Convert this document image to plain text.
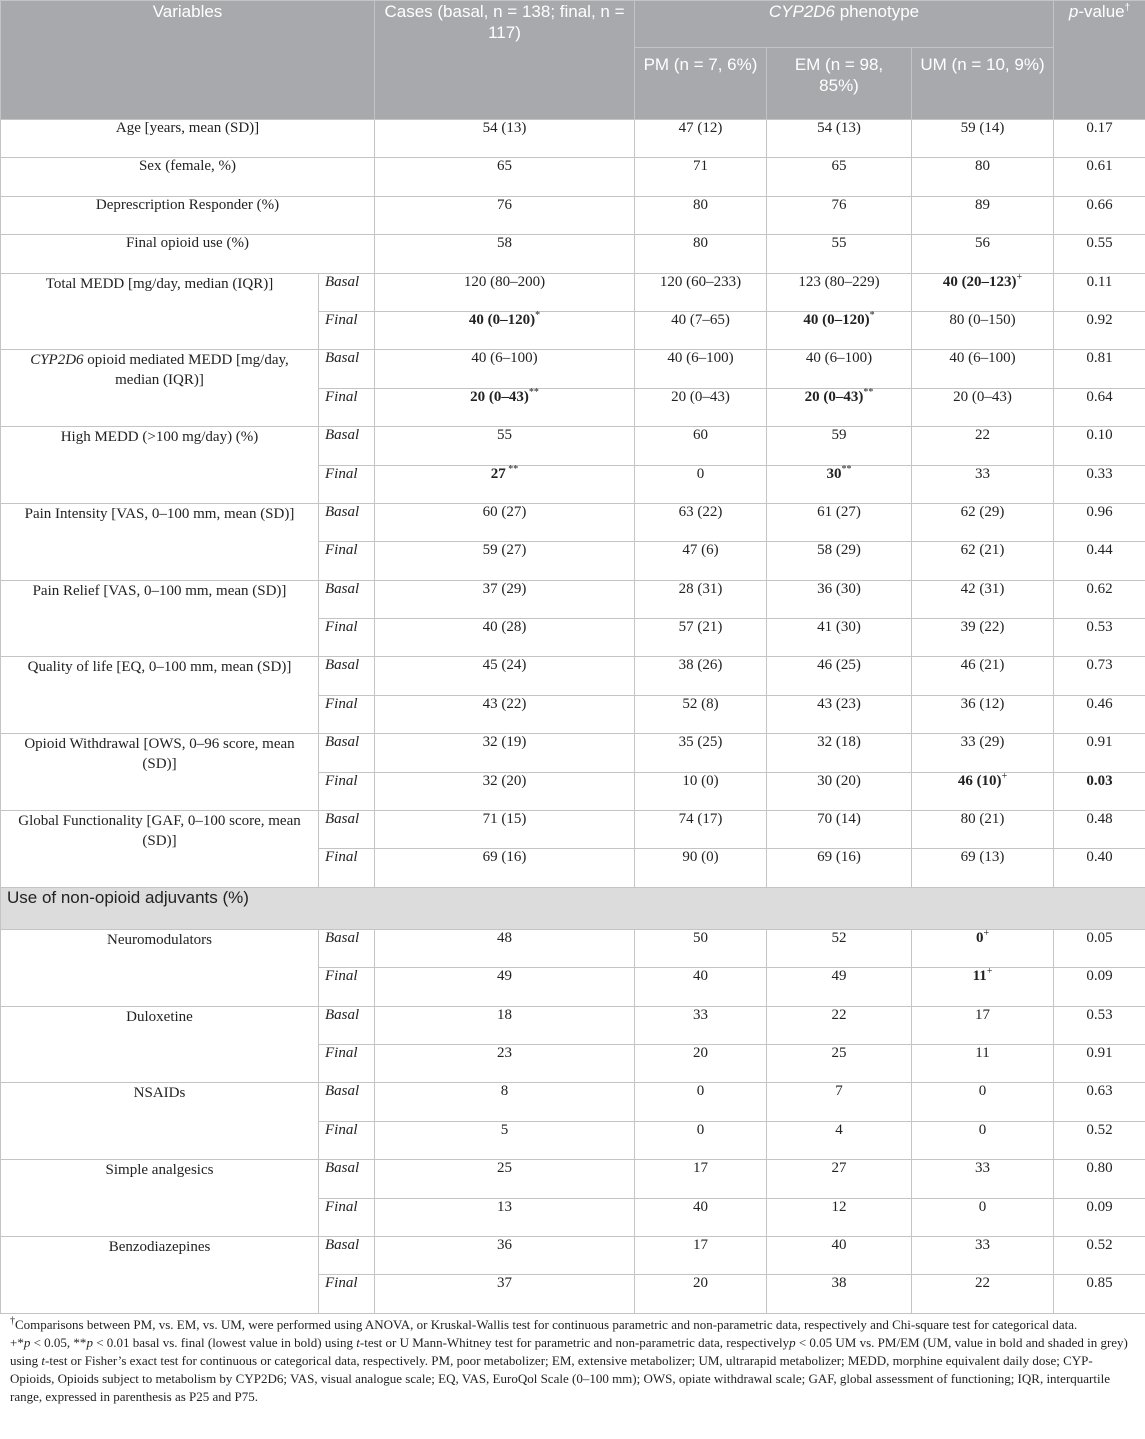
Variables		Cases (basal, n = 138; final, n = 117)	CYP2D6 phenotype			p-value†
			PM (n = 7, 6%)	EM (n = 98, 85%)	UM (n = 10, 9%)	
Age [years, mean (SD)]		54 (13)	47 (12)	54 (13)	59 (14)	0.17
Sex (female, %)		65	71	65	80	0.61
Deprescription Responder (%)		76	80	76	89	0.66
Final opioid use (%)		58	80	55	56	0.55
Total MEDD [mg/day, median (IQR)]	Basal	120 (80–200)	120 (60–233)	123 (80–229)	40 (20–123)+	0.11
	Final	40 (0–120)*	40 (7–65)	40 (0–120)*	80 (0–150)	0.92
CYP2D6 opioid mediated MEDD [mg/day, median (IQR)]	Basal	40 (6–100)	40 (6–100)	40 (6–100)	40 (6–100)	0.81
	Final	20 (0–43)**	20 (0–43)	20 (0–43)**	20 (0–43)	0.64
High MEDD (>100 mg/day) (%)	Basal	55	60	59	22	0.10
	Final	27 **	0	30**	33	0.33
Pain Intensity [VAS, 0–100 mm, mean (SD)]	Basal	60 (27)	63 (22)	61 (27)	62 (29)	0.96
	Final	59 (27)	47 (6)	58 (29)	62 (21)	0.44
Pain Relief [VAS, 0–100 mm, mean (SD)]	Basal	37 (29)	28 (31)	36 (30)	42 (31)	0.62
	Final	40 (28)	57 (21)	41 (30)	39 (22)	0.53
Quality of life [EQ, 0–100 mm, mean (SD)]	Basal	45 (24)	38 (26)	46 (25)	46 (21)	0.73
	Final	43 (22)	52 (8)	43 (23)	36 (12)	0.46
Opioid Withdrawal [OWS, 0–96 score, mean (SD)]	Basal	32 (19)	35 (25)	32 (18)	33 (29)	0.91
	Final	32 (20)	10 (0)	30 (20)	46 (10)+	0.03
Global Functionality [GAF, 0–100 score, mean (SD)]	Basal	71 (15)	74 (17)	70 (14)	80 (21)	0.48
	Final	69 (16)	90 (0)	69 (16)	69 (13)	0.40
Use of non-opioid adjuvants (%)						
Neuromodulators	Basal	48	50	52	0+	0.05
	Final	49	40	49	11+	0.09
Duloxetine	Basal	18	33	22	17	0.53
	Final	23	20	25	11	0.91
NSAIDs	Basal	8	0	7	0	0.63
	Final	5	0	4	0	0.52
Simple analgesics	Basal	25	17	27	33	0.80
	Final	13	40	12	0	0.09
Benzodiazepines	Basal	36	17	40	33	0.52
	Final	37	20	38	22	0.85

†Comparisons between PM, vs. EM, vs. UM, were performed using ANOVA, or Kruskal-Wallis test for continuous parametric and non-parametric data, respectively and Chi-square test for categorical data.

+*p < 0.05, **p < 0.01 basal vs. final (lowest value in bold) using t-test or U Mann-Whitney test for parametric and non-parametric data, respectivelyp < 0.05 UM vs. PM/EM (UM, value in bold and shaded in grey) using t-test or Fisher’s exact test for continuous or categorical data, respectively. PM, poor metabolizer; EM, extensive metabolizer; UM, ultrarapid metabolizer; MEDD, morphine equivalent daily dose; CYP-Opioids, Opioids subject to metabolism by CYP2D6; VAS, visual analogue scale; EQ, VAS, EuroQol Scale (0–100 mm); OWS, opiate withdrawal scale; GAF, global assessment of functioning; IQR, interquartile range, expressed in parenthesis as P25 and P75.
